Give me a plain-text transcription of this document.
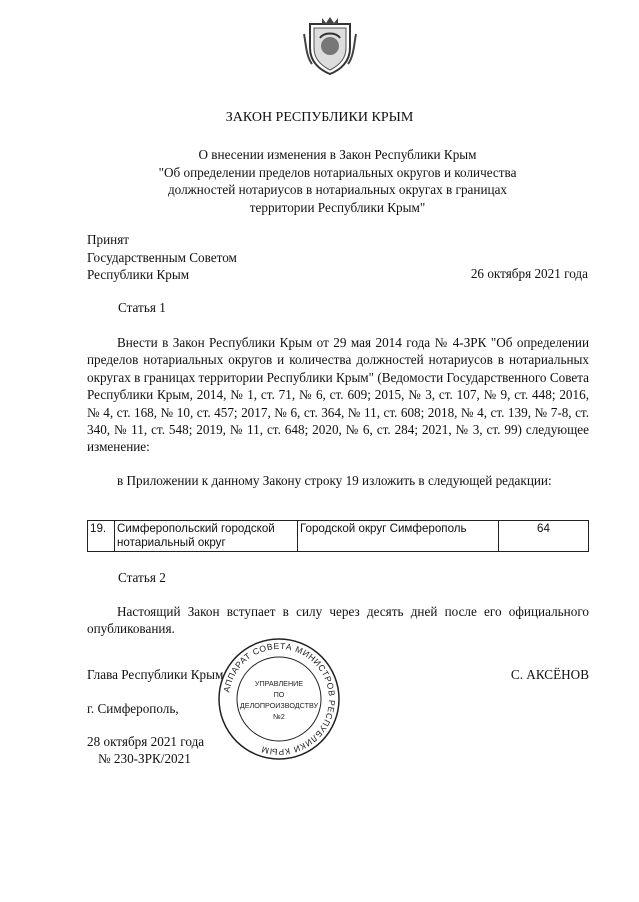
ЗАКОН РЕСПУБЛИКИ КРЫМ
О внесении изменения в Закон Республики Крым
"Об определении пределов нотариальных округов и количества
должностей нотариусов в нотариальных округах в границах
территории Республики Крым"
Принят
Государственным Советом
Республики Крым	26 октября 2021 года
Статья 1
Внести в Закон Республики Крым от 29 мая 2014 года № 4-ЗРК "Об определении пределов нотариальных округов и количества должностей нотариусов в нотариальных округах в границах территории Республики Крым" (Ведомости Государственного Совета Республики Крым, 2014, № 1, ст. 71, № 6, ст. 609; 2015, № 3, ст. 107, № 9, ст. 448; 2016, № 4, ст. 168, № 10, ст. 457; 2017, № 6, ст. 364, № 11, ст. 608; 2018, № 4, ст. 139, № 7-8, ст. 340, № 11, ст. 548; 2019, № 11, ст. 648; 2020, № 6, ст. 284; 2021, № 3, ст. 99) следующее изменение:
в Приложении к данному Закону строку 19 изложить в следующей редакции:
19.	Симферопольский городской нотариальный округ	Городской округ Симферополь	64
Статья 2
Настоящий Закон вступает в силу через десять дней после его официального опубликования.
Глава Республики Крым	С. АКСЁНОВ
г. Симферополь,
28 октября 2021 года
№ 230-ЗРК/2021
АППАРАТ СОВЕТА МИНИСТРОВ РЕСПУБЛИКИ КРЫМ
УПРАВЛЕНИЕ
ПО
ДЕЛОПРОИЗВОДСТВУ
№2
